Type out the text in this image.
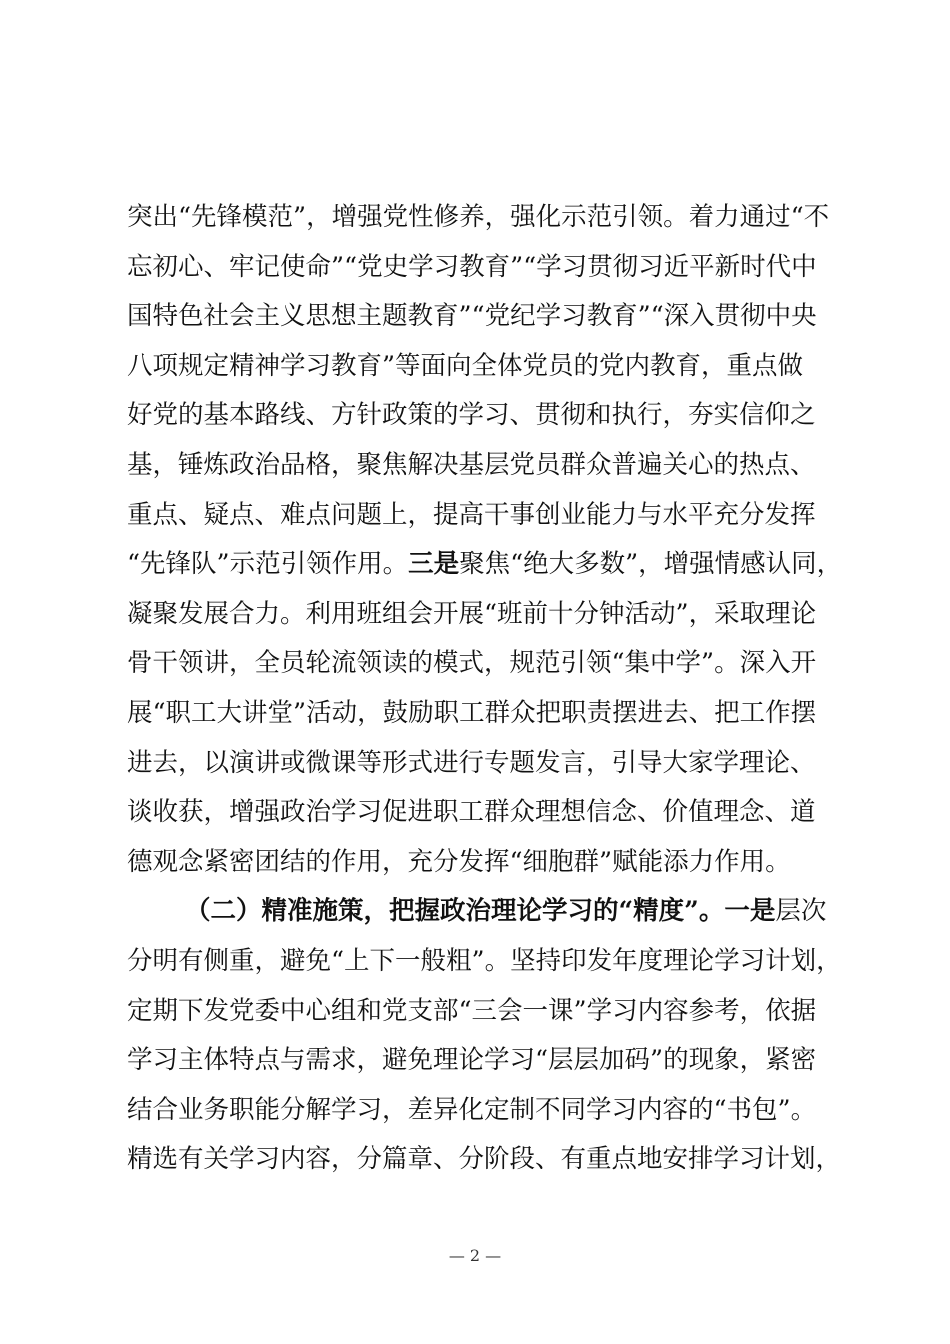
突出“先锋模范”，增强党性修养，强化示范引领。着力通过“不
忘初心、牢记使命”“党史学习教育”“学习贯彻习近平新时代中
国特色社会主义思想主题教育”“党纪学习教育”“深入贯彻中央
八项规定精神学习教育”等面向全体党员的党内教育，重点做
好党的基本路线、方针政策的学习、贯彻和执行，夯实信仰之
基，锤炼政治品格，聚焦解决基层党员群众普遍关心的热点、
重点、疑点、难点问题上，提高干事创业能力与水平充分发挥
“先锋队”示范引领作用。三是聚焦“绝大多数”，增强情感认同，
凝聚发展合力。利用班组会开展“班前十分钟活动”，采取理论
骨干领讲，全员轮流领读的模式，规范引领“集中学”。深入开
展“职工大讲堂”活动，鼓励职工群众把职责摆进去、把工作摆
进去，以演讲或微课等形式进行专题发言，引导大家学理论、
谈收获，增强政治学习促进职工群众理想信念、价值理念、道
德观念紧密团结的作用，充分发挥“细胞群”赋能添力作用。
（二）精准施策，把握政治理论学习的“精度”。一是层次
分明有侧重，避免“上下一般粗”。坚持印发年度理论学习计划，
定期下发党委中心组和党支部“三会一课”学习内容参考，依据
学习主体特点与需求，避免理论学习“层层加码”的现象，紧密
结合业务职能分解学习，差异化定制不同学习内容的“书包”。
精选有关学习内容，分篇章、分阶段、有重点地安排学习计划，
— 2 —
